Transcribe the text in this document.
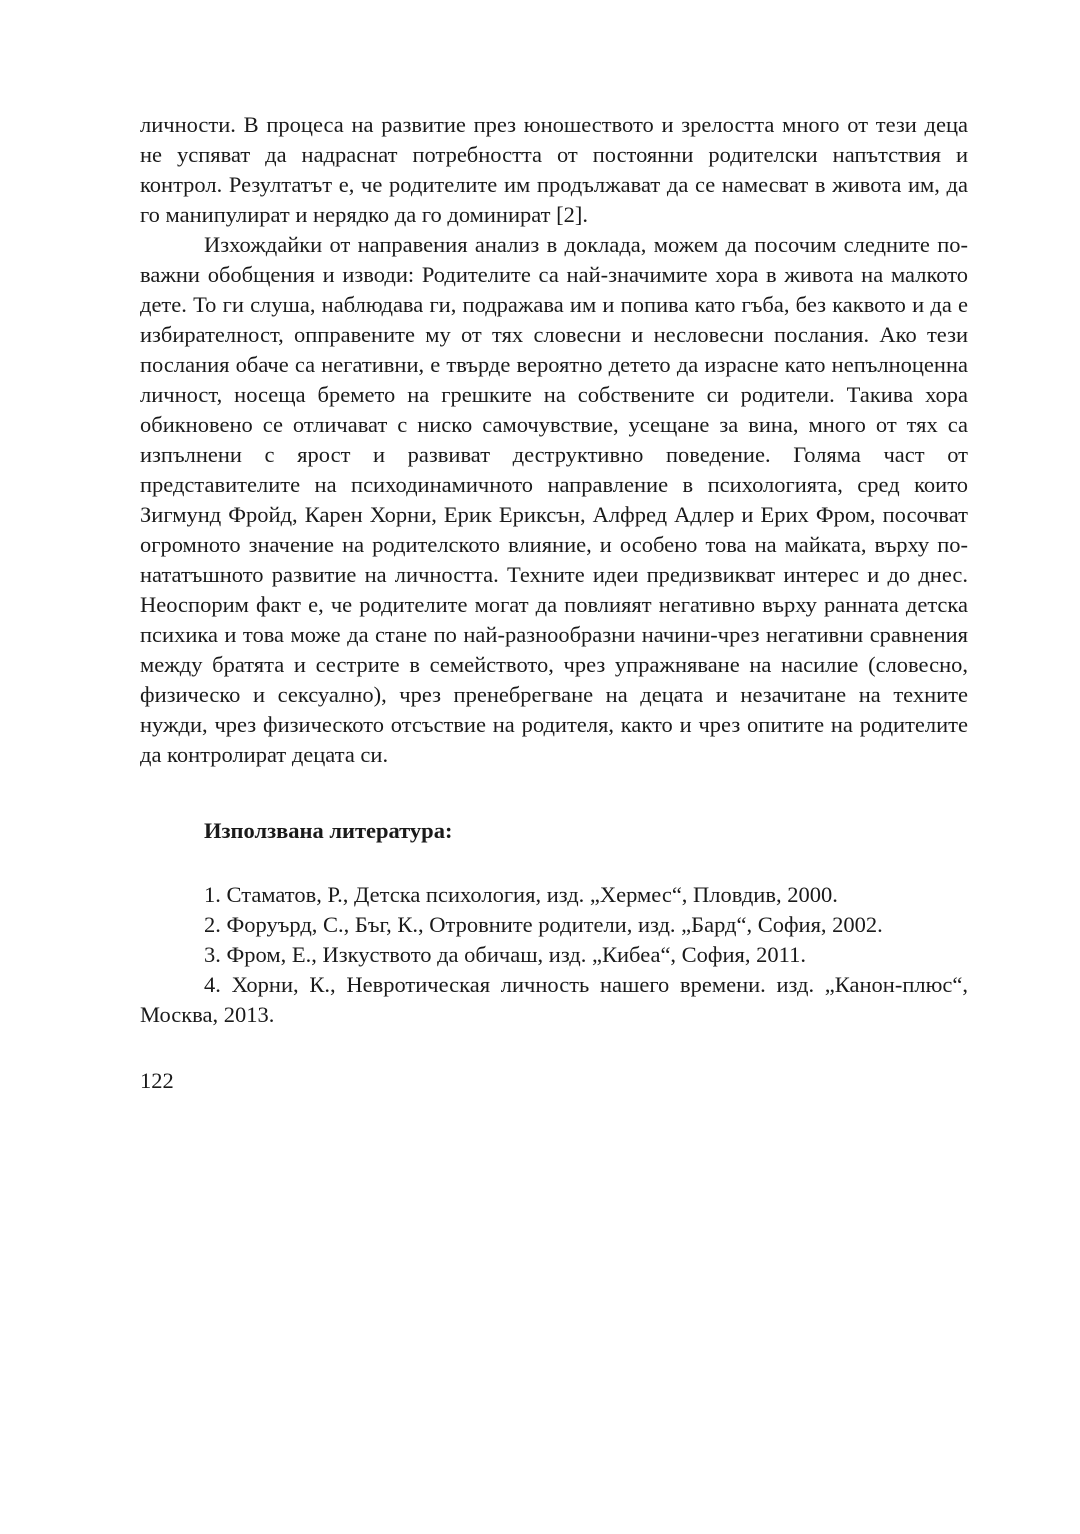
личности. В процеса на развитие през юношеството и зрелостта много от тези деца не успяват да надраснат потребността от постоянни родителски напътствия и контрол. Резултатът е, че родителите им продължават да се намесват в живота им, да го манипулират и нерядко да го доминират [2].

Изхождайки от направения анализ в доклада, можем да посочим следните по-важни обобщения и изводи: Родителите са най-значимите хора в живота на малкото дете. То ги слуша, наблюдава ги, подражава им и попива като гъба, без каквото и да е избирателност, опправените му от тях словесни и несловесни послания. Ако тези послания обаче са негативни, е твърде вероятно детето да израсне като непълноценна личност, носеща бремето на грешките на собствените си родители. Такива хора обикновено се отличават с ниско самочувствие, усещане за вина, много от тях са изпълнени с ярост и развиват деструктивно поведение. Голяма част от представителите на психодинамичното направление в психологията, сред които Зигмунд Фройд, Карен Хорни, Ерик Ериксън, Алфред Адлер и Ерих Фром, посочват огромното значение на родителското влияние, и особено това на майката, върху по-нататъшното развитие на личността. Техните идеи предизвикват интерес и до днес. Неоспорим факт е, че родителите могат да повлияят негативно върху ранната детска психика и това може да стане по най-разнообразни начини-чрез негативни сравнения между братята и сестрите в семейството, чрез упражняване на насилие (словесно, физическо и сексуално), чрез пренебрегване на децата и незачитане на техните нужди, чрез физическото отсъствие на родителя, както и чрез опитите на родителите да контролират децата си.

Използвана литература:

1. Стаматов, Р., Детска психология, изд. „Хермес“, Пловдив, 2000.
2. Форуърд, С., Бъг, К., Отровните родители, изд. „Бард“, София, 2002.
3. Фром, Е., Изкуството да обичаш, изд. „Кибеа“, София, 2011.
4. Хорни, К., Невротическая личность нашего времени. изд. „Канон-плюс“, Москва, 2013.
122
